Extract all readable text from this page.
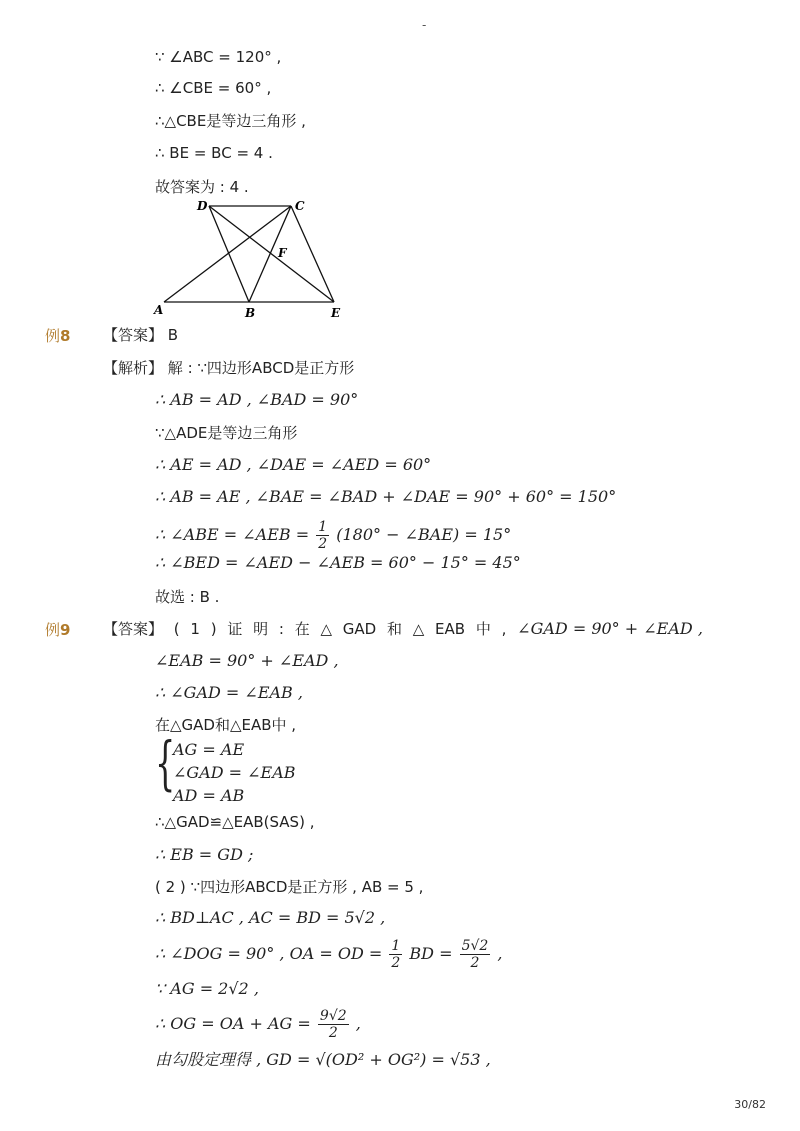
-
∵ ∠ABC = 120° ,
∴ ∠CBE = 60° ,
∴△CBE是等边三角形 ,
∴ BE = BC = 4 .
故答案为 : 4 .
A	B
C
D
E
F
例8 【答案】 B
【解析】 解 : ∵四边形ABCD是正方形
∴ AB = AD , ∠BAD = 90°
∵△ADE是等边三角形
∴ AE = AD , ∠DAE = ∠AED = 60°
∴ AB = AE , ∠BAE = ∠BAD + ∠DAE = 90° + 60° = 150°
∴ ∠ABE = ∠AEB = $\frac{1}{2} (180^\circ$ − ∠BAE) = 15°
∴ ∠BED = ∠AED − ∠AEB = 60° − 15° = 45°
故选 : B .
例9 【答案】 ( 1 ) 证 明 : 在 △ GAD 和 △ EAB 中 , ∠GAD = 90° + ∠EAD ,
∠EAB = 90° + ∠EAD ,
∴ ∠GAD = ∠EAB ,
在△GAD和△EAB中 ,
{
AG = AE
∠GAD = ∠EAB
AD = AB
∴△GAD≌△EAB(SAS) ,
∴ EB = GD ;
( 2 ) ∵四边形ABCD是正方形 , AB = 5 ,
∴ BD⊥AC , AC = BD = 5√2 ,
∴ ∠DOG = 90° , OA = OD = $\frac{1}{2}$ BD = $\frac{5√2}{2}$ ,
∵ AG = 2√2 ,
∴ OG = OA + AG = $\frac{9√2}{2}$ ,
由勾股定理得 , GD = √(OD² + OG²) = √53 ,
30/82
